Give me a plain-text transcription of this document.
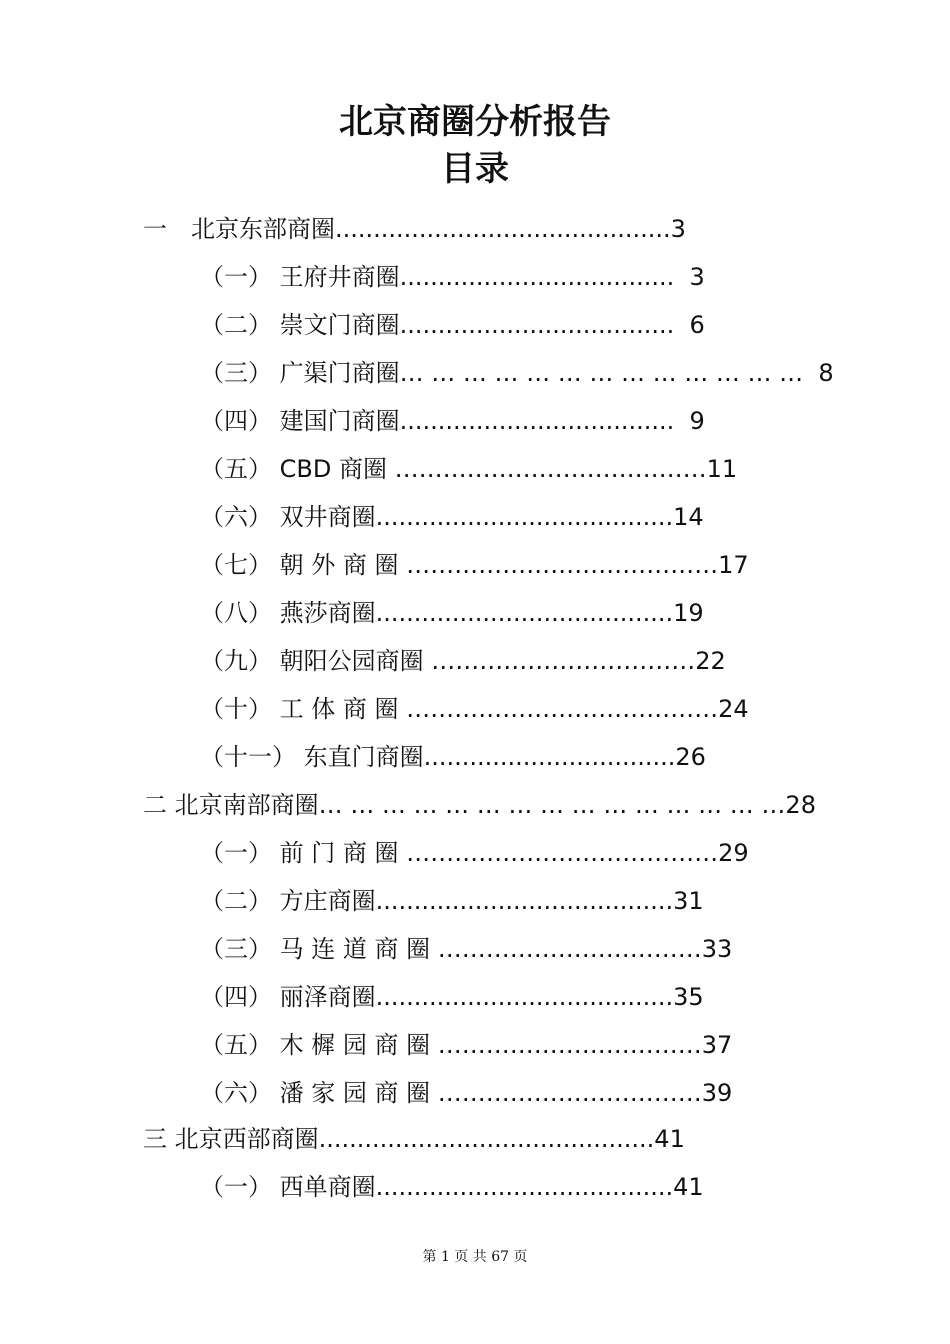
北京商圈分析报告
目录
一　北京东部商圈............................................3
（一） 王府井商圈....................................  3
（二） 崇文门商圈....................................  6
（三） 广渠门商圈… … … … … … … … … … … … …  8
（四） 建国门商圈....................................  9
（五） CBD 商圈 …………………………………11
（六） 双井商圈.......................................14
（七） 朝 外 商 圈 …………………………………17
（八） 燕莎商圈.......................................19
（九） 朝阳公园商圈 ……………………………22
（十） 工 体 商 圈 …………………………………24
（十一） 东直门商圈.................................26
二 北京南部商圈… … … … … … … … … … … … … … …28
（一） 前 门 商 圈 …………………………………29
（二） 方庄商圈.......................................31
（三） 马 连 道 商 圈 ……………………………33
（四） 丽泽商圈.......................................35
（五） 木 樨 园 商 圈 ……………………………37
（六） 潘 家 园 商 圈 ……………………………39
三 北京西部商圈............................................41
（一） 西单商圈.......................................41
第 1 页 共 67 页
